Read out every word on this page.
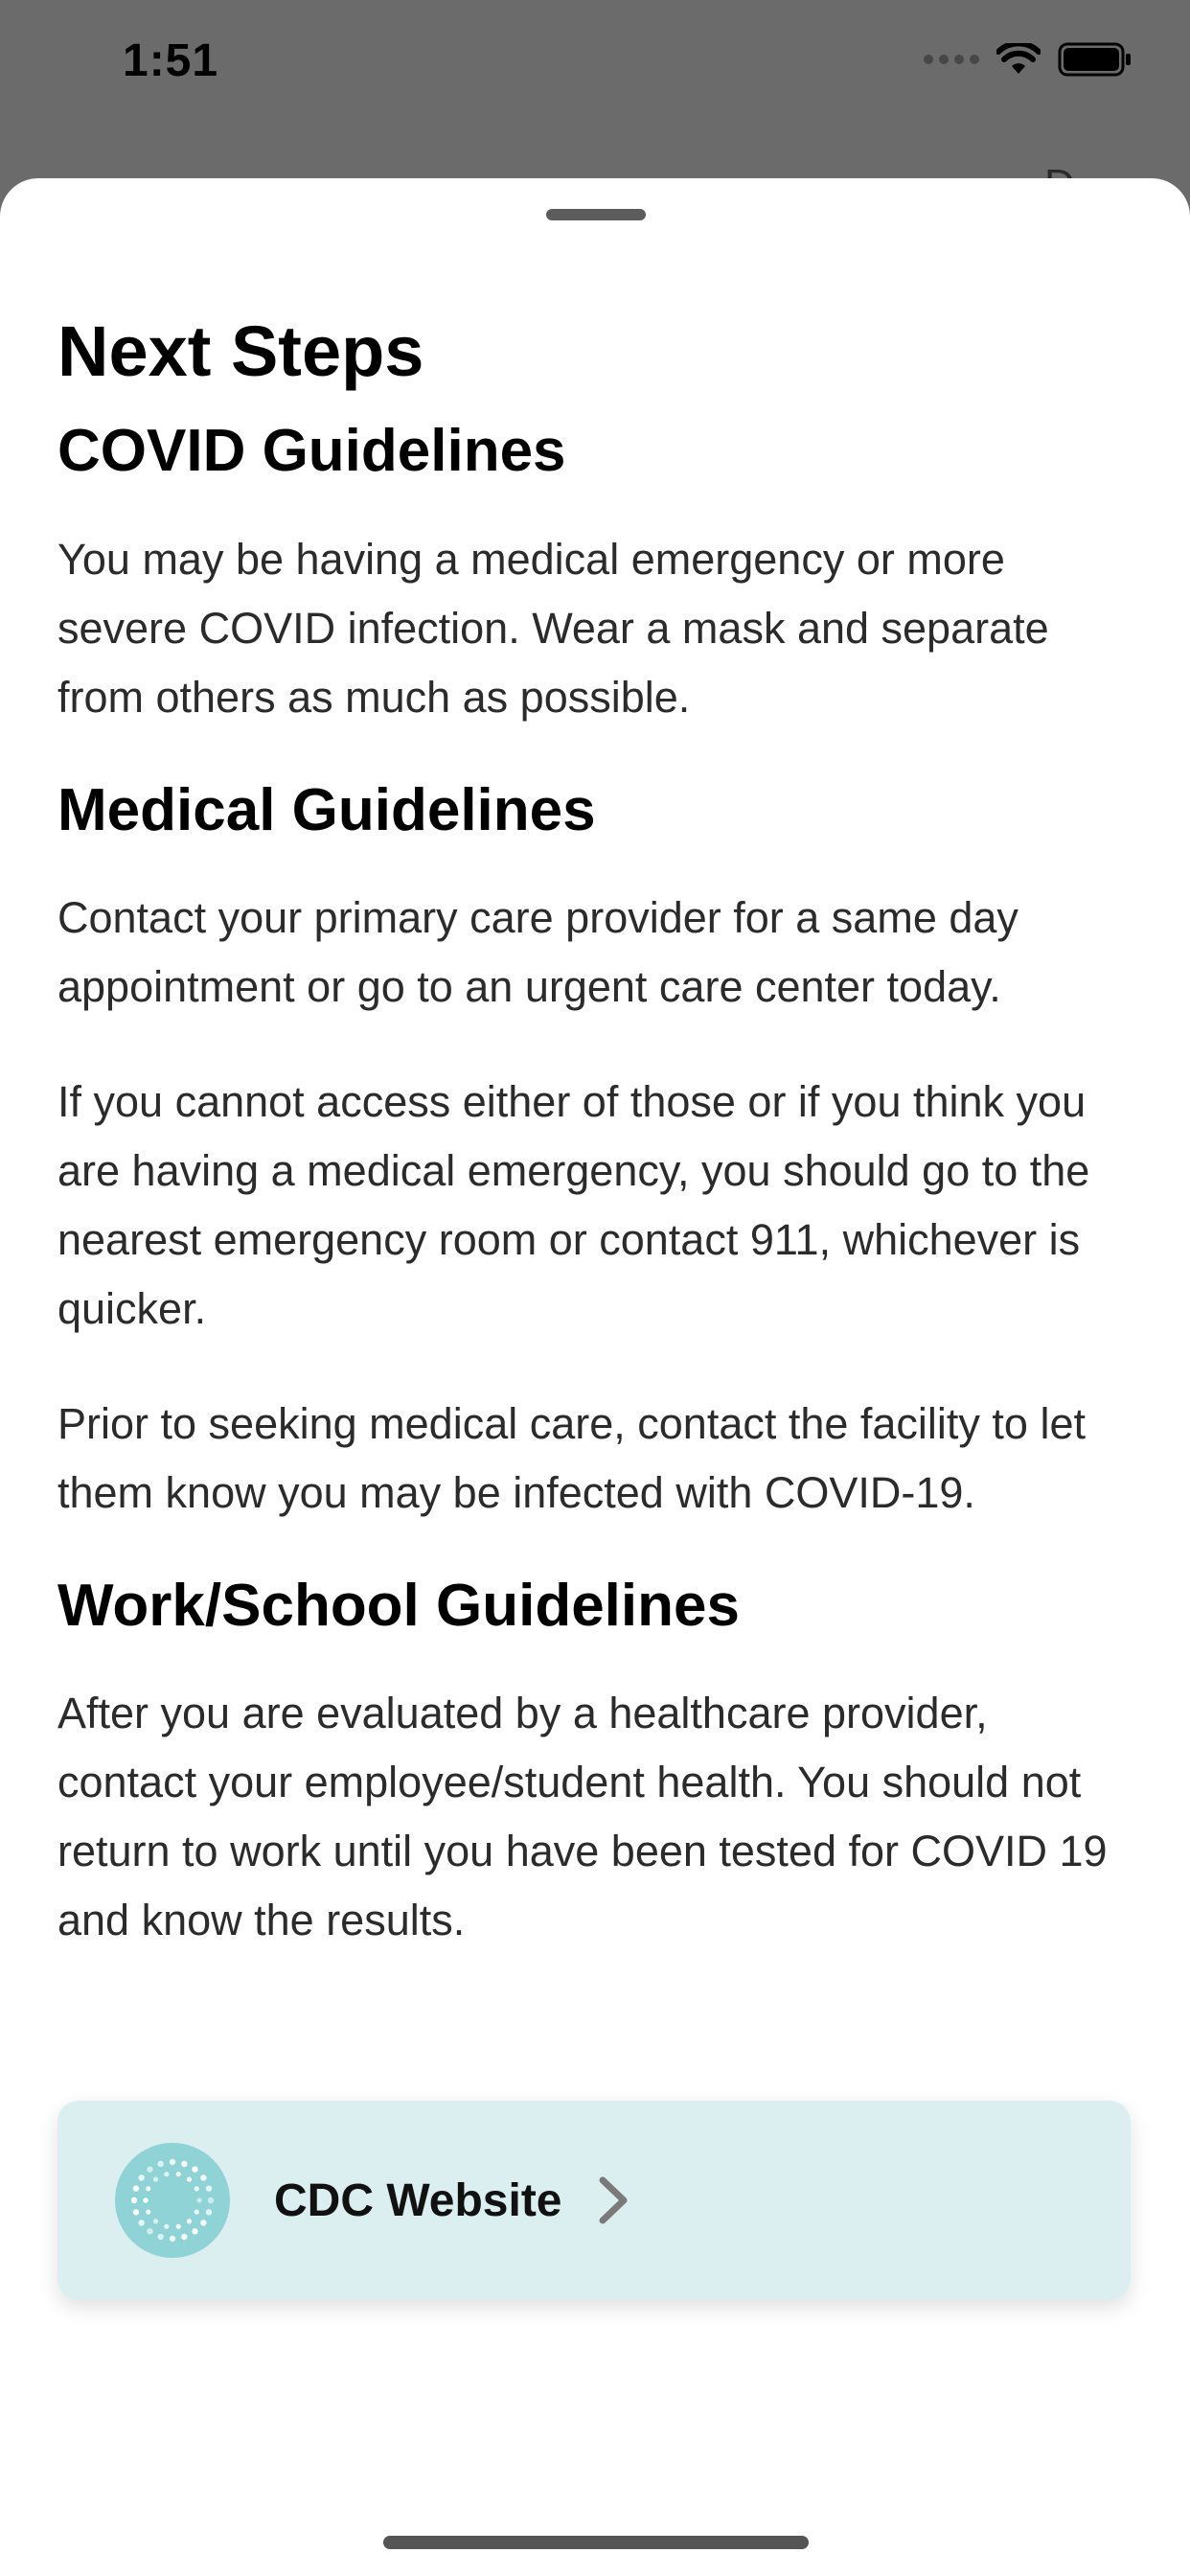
1:51
Next Steps
COVID Guidelines

You may be having a medical emergency or more severe COVID infection. Wear a mask and separate from others as much as possible.

Medical Guidelines

Contact your primary care provider for a same day appointment or go to an urgent care center today.

If you cannot access either of those or if you think you are having a medical emergency, you should go to the nearest emergency room or contact 911, whichever is quicker.

Prior to seeking medical care, contact the facility to let them know you may be infected with COVID-19.

Work/School Guidelines

After you are evaluated by a healthcare provider, contact your employee/student health. You should not return to work until you have been tested for COVID 19 and know the results.

CDC Website
